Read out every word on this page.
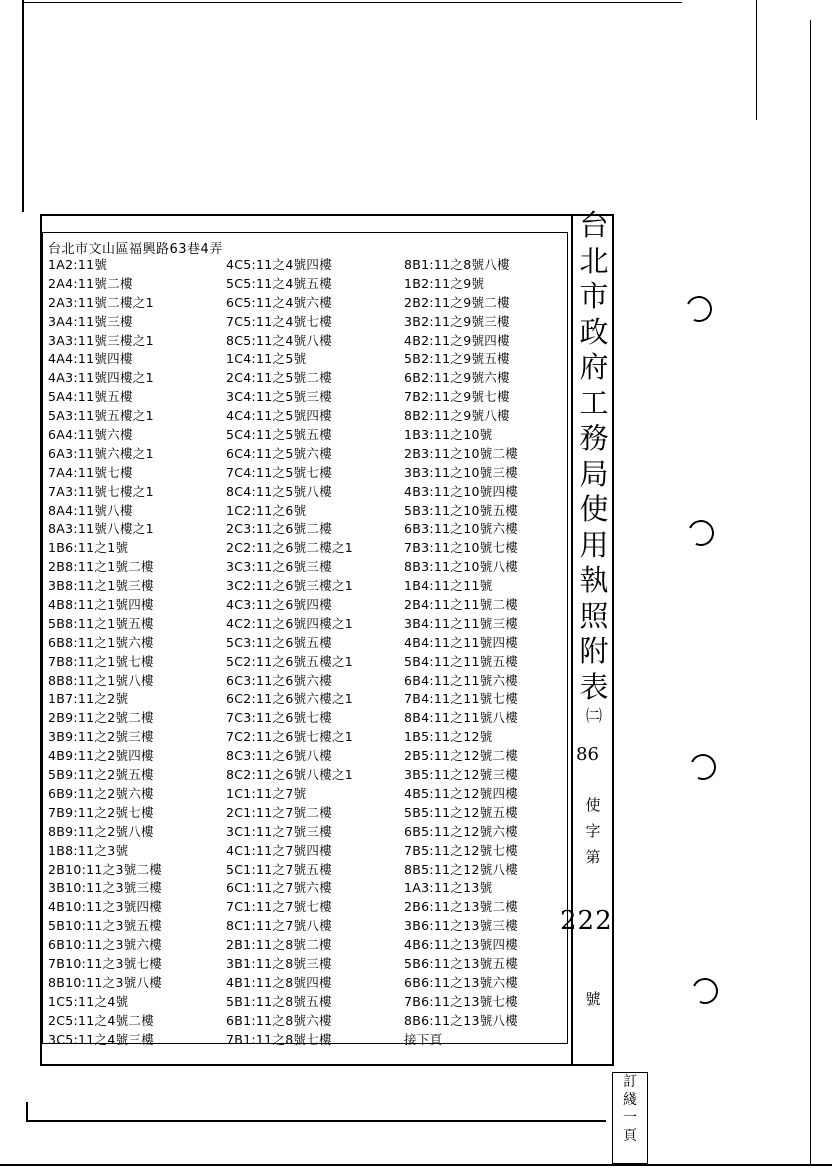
台北市文山區福興路63巷4弄
1A2:11號
2A4:11號二樓
2A3:11號二樓之1
3A4:11號三樓
3A3:11號三樓之1
4A4:11號四樓
4A3:11號四樓之1
5A4:11號五樓
5A3:11號五樓之1
6A4:11號六樓
6A3:11號六樓之1
7A4:11號七樓
7A3:11號七樓之1
8A4:11號八樓
8A3:11號八樓之1
1B6:11之1號
2B8:11之1號二樓
3B8:11之1號三樓
4B8:11之1號四樓
5B8:11之1號五樓
6B8:11之1號六樓
7B8:11之1號七樓
8B8:11之1號八樓
1B7:11之2號
2B9:11之2號二樓
3B9:11之2號三樓
4B9:11之2號四樓
5B9:11之2號五樓
6B9:11之2號六樓
7B9:11之2號七樓
8B9:11之2號八樓
1B8:11之3號
2B10:11之3號二樓
3B10:11之3號三樓
4B10:11之3號四樓
5B10:11之3號五樓
6B10:11之3號六樓
7B10:11之3號七樓
8B10:11之3號八樓
1C5:11之4號
2C5:11之4號二樓
3C5:11之4號三樓
4C5:11之4號四樓
5C5:11之4號五樓
6C5:11之4號六樓
7C5:11之4號七樓
8C5:11之4號八樓
1C4:11之5號
2C4:11之5號二樓
3C4:11之5號三樓
4C4:11之5號四樓
5C4:11之5號五樓
6C4:11之5號六樓
7C4:11之5號七樓
8C4:11之5號八樓
1C2:11之6號
2C3:11之6號二樓
2C2:11之6號二樓之1
3C3:11之6號三樓
3C2:11之6號三樓之1
4C3:11之6號四樓
4C2:11之6號四樓之1
5C3:11之6號五樓
5C2:11之6號五樓之1
6C3:11之6號六樓
6C2:11之6號六樓之1
7C3:11之6號七樓
7C2:11之6號七樓之1
8C3:11之6號八樓
8C2:11之6號八樓之1
1C1:11之7號
2C1:11之7號二樓
3C1:11之7號三樓
4C1:11之7號四樓
5C1:11之7號五樓
6C1:11之7號六樓
7C1:11之7號七樓
8C1:11之7號八樓
2B1:11之8號二樓
3B1:11之8號三樓
4B1:11之8號四樓
5B1:11之8號五樓
6B1:11之8號六樓
7B1:11之8號七樓
8B1:11之8號八樓
1B2:11之9號
2B2:11之9號二樓
3B2:11之9號三樓
4B2:11之9號四樓
5B2:11之9號五樓
6B2:11之9號六樓
7B2:11之9號七樓
8B2:11之9號八樓
1B3:11之10號
2B3:11之10號二樓
3B3:11之10號三樓
4B3:11之10號四樓
5B3:11之10號五樓
6B3:11之10號六樓
7B3:11之10號七樓
8B3:11之10號八樓
1B4:11之11號
2B4:11之11號二樓
3B4:11之11號三樓
4B4:11之11號四樓
5B4:11之11號五樓
6B4:11之11號六樓
7B4:11之11號七樓
8B4:11之11號八樓
1B5:11之12號
2B5:11之12號二樓
3B5:11之12號三樓
4B5:11之12號四樓
5B5:11之12號五樓
6B5:11之12號六樓
7B5:11之12號七樓
8B5:11之12號八樓
1A3:11之13號
2B6:11之13號二樓
3B6:11之13號三樓
4B6:11之13號四樓
5B6:11之13號五樓
6B6:11之13號六樓
7B6:11之13號七樓
8B6:11之13號八樓
接下頁
台
北
市
政
府
工
務
局
使
用
執
照
附
表
㈡
86
使
字
第
222
號
訂
綫
一
頁
